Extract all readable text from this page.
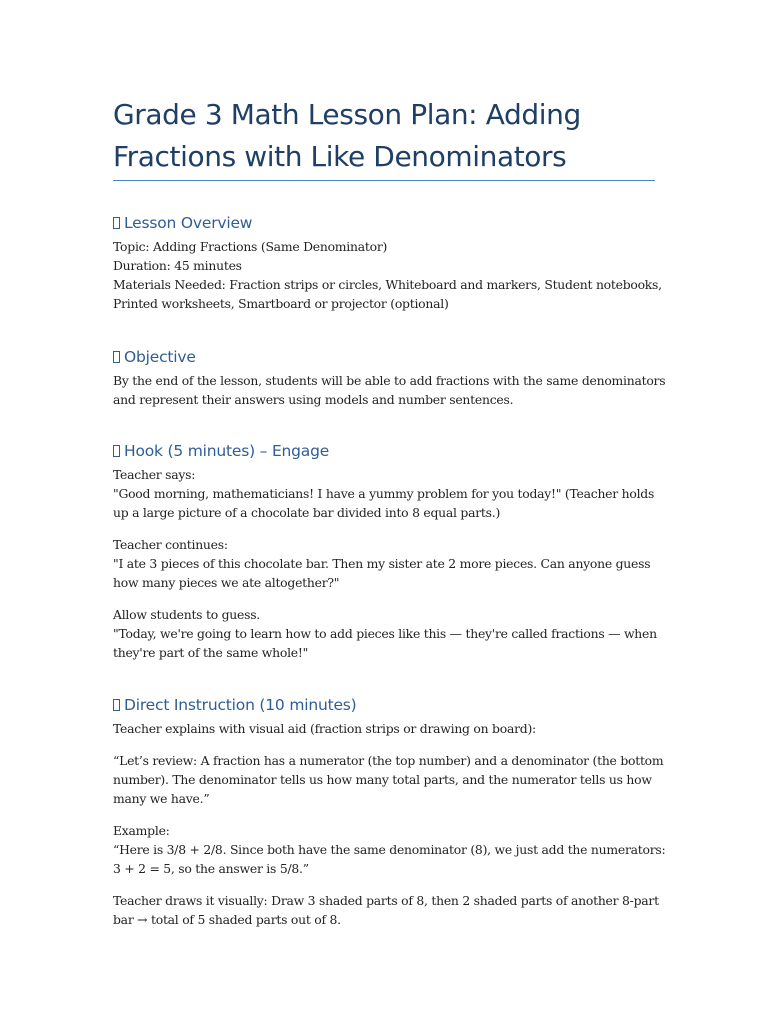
Grade 3 Math Lesson Plan: Adding
Fractions with Like Denominators
Lesson Overview

Topic: Adding Fractions (Same Denominator)
Duration: 45 minutes
Materials Needed: Fraction strips or circles, Whiteboard and markers, Student notebooks,
Printed worksheets, Smartboard or projector (optional)

Objective

By the end of the lesson, students will be able to add fractions with the same denominators
and represent their answers using models and number sentences.

Hook (5 minutes) – Engage

Teacher says:
"Good morning, mathematicians! I have a yummy problem for you today!" (Teacher holds
up a large picture of a chocolate bar divided into 8 equal parts.)

Teacher continues:
"I ate 3 pieces of this chocolate bar. Then my sister ate 2 more pieces. Can anyone guess
how many pieces we ate altogether?"

Allow students to guess.
"Today, we're going to learn how to add pieces like this — they're called fractions — when
they're part of the same whole!"

Direct Instruction (10 minutes)

Teacher explains with visual aid (fraction strips or drawing on board):

“Let’s review: A fraction has a numerator (the top number) and a denominator (the bottom
number). The denominator tells us how many total parts, and the numerator tells us how
many we have.”

Example:
“Here is 3/8 + 2/8. Since both have the same denominator (8), we just add the numerators:
3 + 2 = 5, so the answer is 5/8.”

Teacher draws it visually: Draw 3 shaded parts of 8, then 2 shaded parts of another 8-part
bar → total of 5 shaded parts out of 8.
